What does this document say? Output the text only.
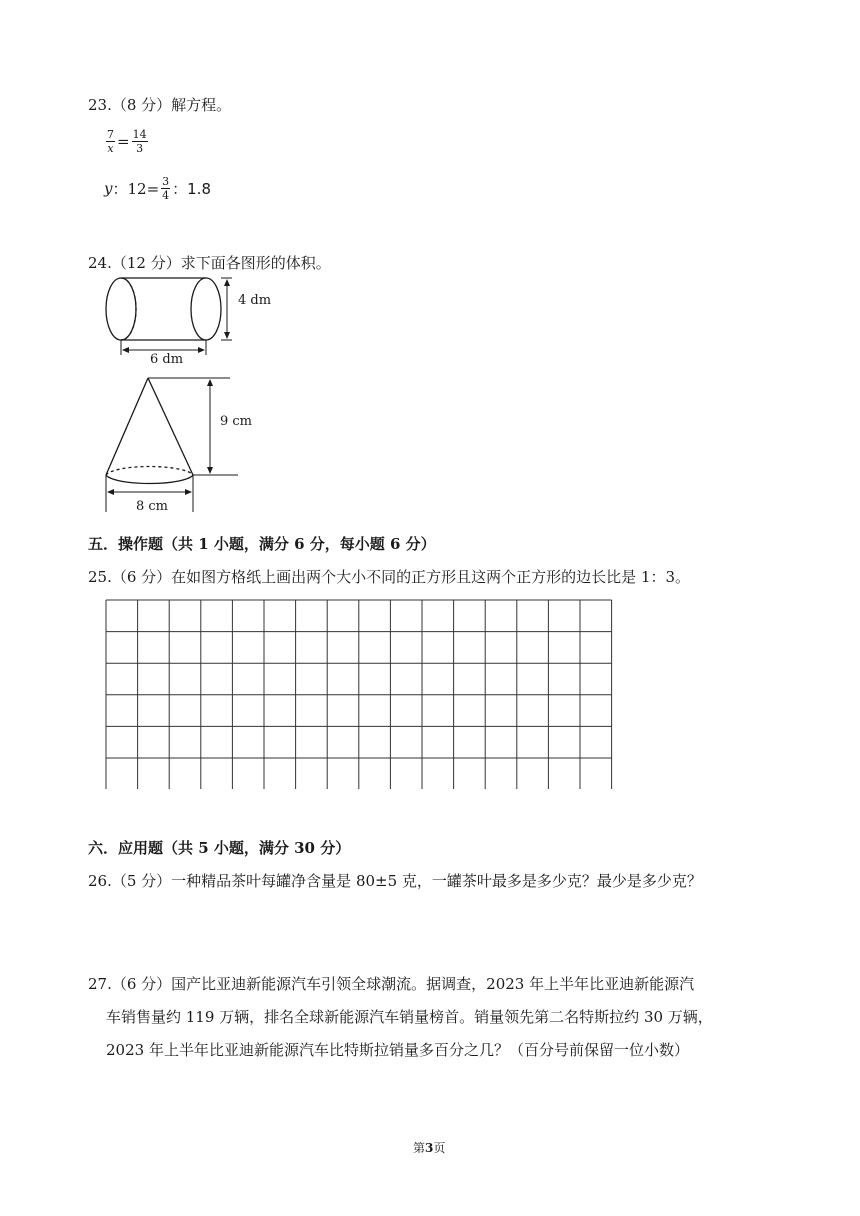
23.（8 分）解方程。
$\frac{7}{x} = \frac{14}{3}$
y：$12= \frac{3}{4}$ ：1.8
24.（12 分）求下面各图形的体积。
4 dm
6 dm
9 cm
8 cm
五．操作题（共 1 小题，满分 6 分，每小题 6 分）
25.（6 分）在如图方格纸上画出两个大小不同的正方形且这两个正方形的边长比是 1：3。
六．应用题（共 5 小题，满分 30 分）
26.（5 分）一种精品茶叶每罐净含量是 80±5 克，一罐茶叶最多是多少克？最少是多少克？
27.（6 分）国产比亚迪新能源汽车引领全球潮流。据调查，2023 年上半年比亚迪新能源汽
车销售量约 119 万辆，排名全球新能源汽车销量榜首。销量领先第二名特斯拉约 30 万辆，
2023 年上半年比亚迪新能源汽车比特斯拉销量多百分之几？（百分号前保留一位小数）
第3页
